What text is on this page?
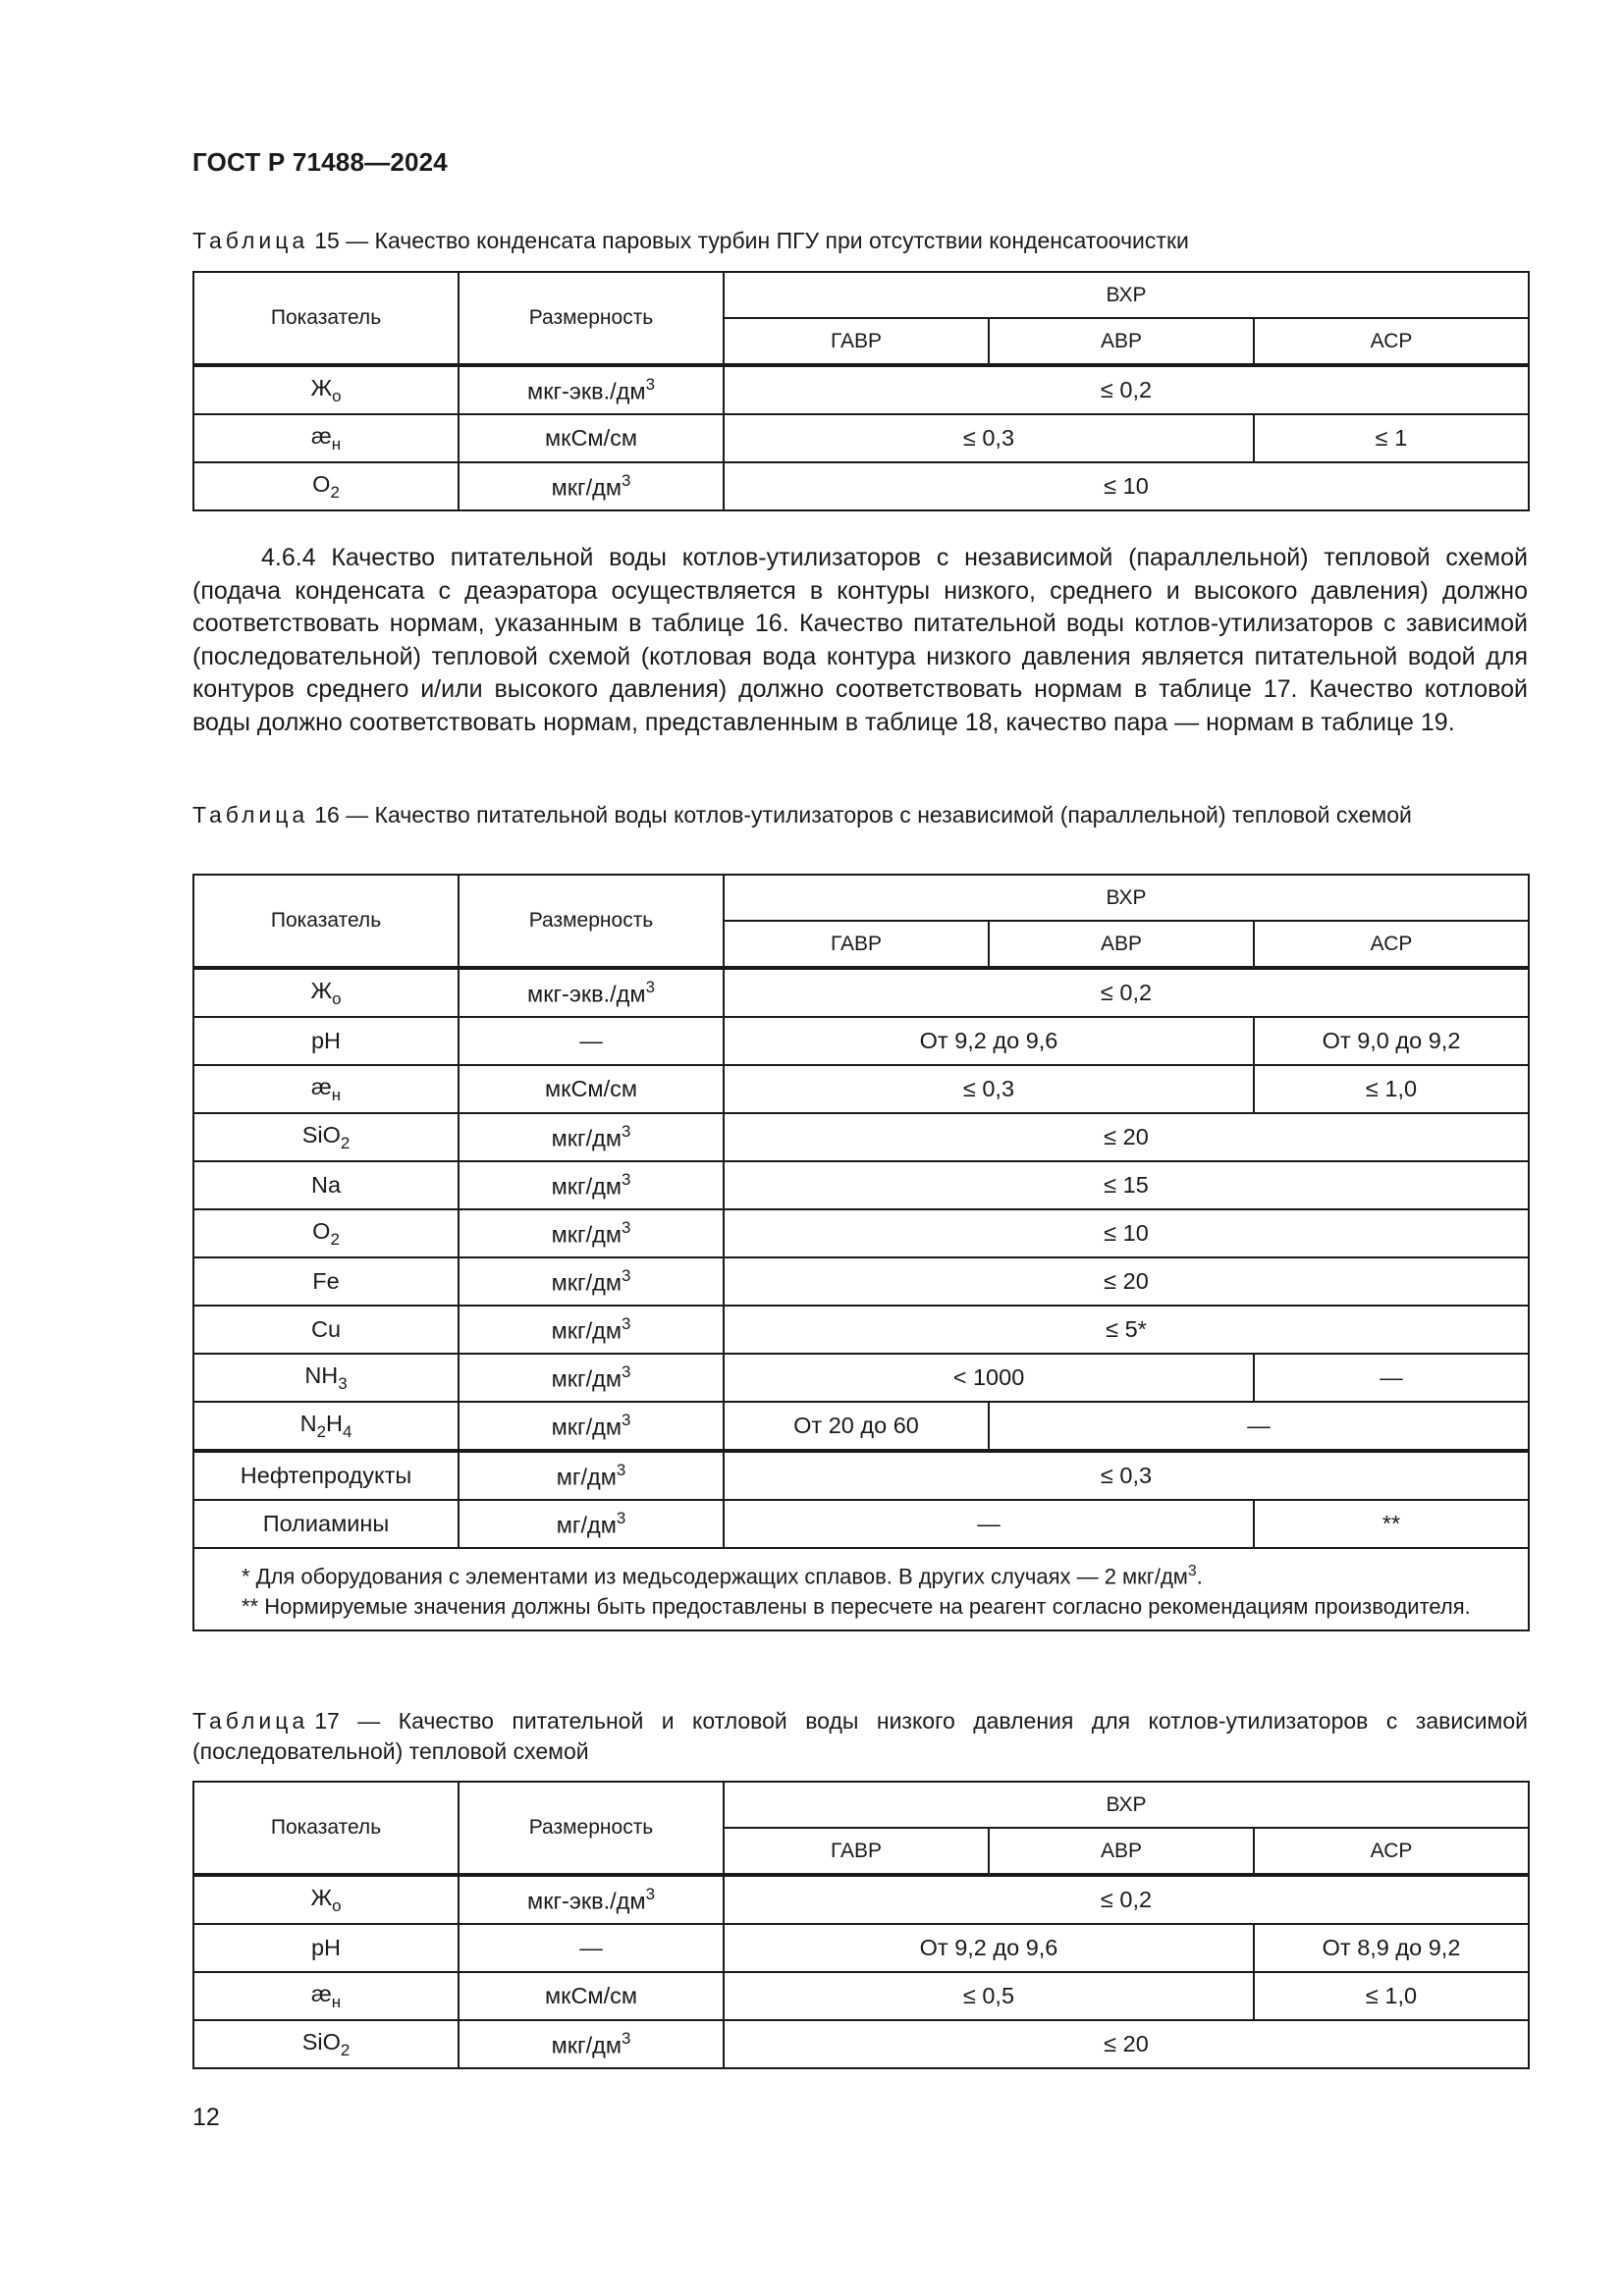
ГОСТ Р 71488—2024
Таблица 15 — Качество конденсата паровых турбин ПГУ при отсутствии конденсатоочистки
Показатель	Размерность	ВХР		
		ГАВР	АВР	АСР
$Ж_о$	мкг-$экв./дм^3$	≤ 0,2		
$æ_н$	мкСм/см	≤ 0,3		≤ 1
$O_2$	мкг/$дм^3$	≤ 10		
4.6.4 Качество питательной воды котлов-утилизаторов с независимой (параллельной) тепловой схемой (подача конденсата с деаэратора осуществляется в контуры низкого, среднего и высокого давления) должно соответствовать нормам, указанным в таблице 16. Качество питательной воды котлов-утилизаторов с зависимой (последовательной) тепловой схемой (котловая вода контура низкого давления является питательной водой для контуров среднего и/или высокого давления) должно соответствовать нормам в таблице 17. Качество котловой воды должно соответствовать нормам, представленным в таблице 18, качество пара — нормам в таблице 19.
Таблица 16 — Качество питательной воды котлов-утилизаторов с независимой (параллельной) тепловой схемой
Показатель	Размерность	ВХР		
		ГАВР	АВР	АСР
$Ж_о$	мкг-$экв./дм^3$	≤ 0,2		
pH	—	От 9,2 до 9,6		От 9,0 до 9,2
$æ_н$	мкСм/см	≤ 0,3		≤ 1,0
SiO$_2$	мкг/$дм^3$	≤ 20		
Na	мкг/$дм^3$	≤ 15		
$O_2$	мкг/$дм^3$	≤ 10		
Fe	мкг/$дм^3$	≤ 20		
Cu	мкг/$дм^3$	≤ 5*		
$NH_3$	мкг/$дм^3$	< 1000		—
$N_2H_4$	мкг/$дм^3$	От 20 до 60	—	
Нефтепродукты	$мг/дм^3$	≤ 0,3		
Полиамины	$мг/дм^3$	—		**

* Для оборудования с элементами из медьсодержащих сплавов. В других случаях — 2 мкг/$дм^3$.
** Нормируемые значения должны быть предоставлены в пересчете на реагент согласно рекомендациям производителя.				
Таблица 17 — Качество питательной и котловой воды низкого давления для котлов-утилизаторов с зависимой (последовательной) тепловой схемой
Показатель	Размерность	ВХР		
		ГАВР	АВР	АСР
$Ж_о$	мкг-$экв./дм^3$	≤ 0,2		
pH	—	От 9,2 до 9,6		От 8,9 до 9,2
$æ_н$	мкСм/см	≤ 0,5		≤ 1,0
SiO$_2$	мкг/$дм^3$	≤ 20		
12
